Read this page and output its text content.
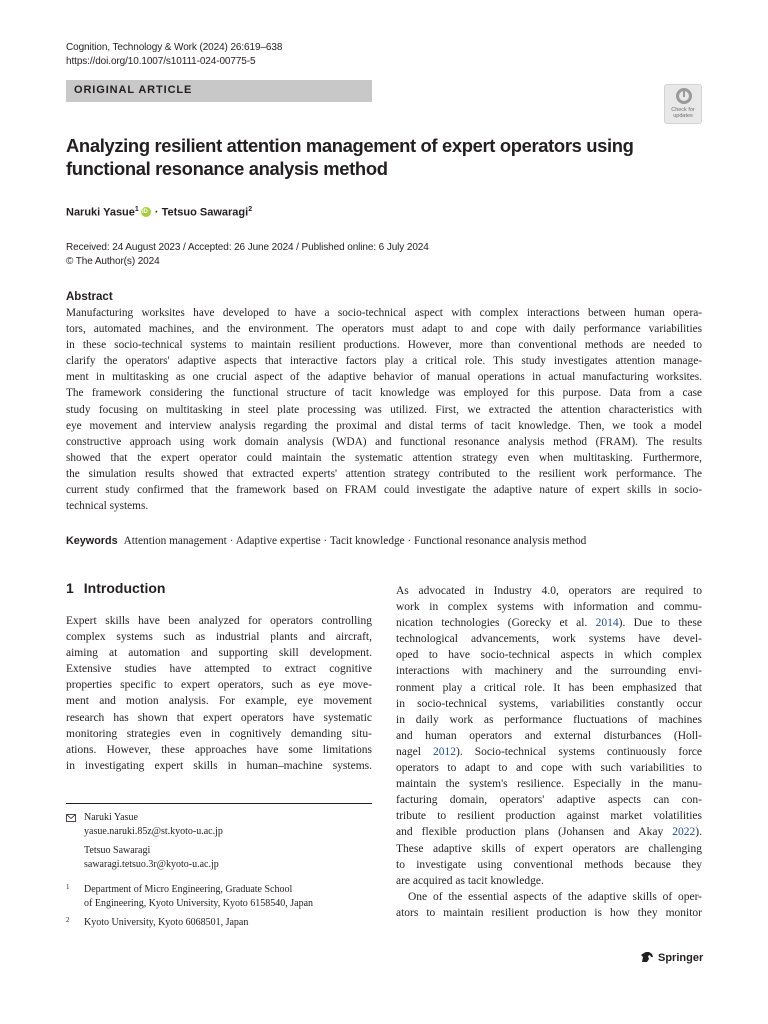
Cognition, Technology & Work (2024) 26:619–638
https://doi.org/10.1007/s10111-024-00775-5
ORIGINAL ARTICLE
Check for updates
Analyzing resilient attention management of expert operators using
functional resonance analysis method
Naruki Yasue$^1$iD · Tetsuo Sawaragi$^2$
Received: 24 August 2023 / Accepted: 26 June 2024 / Published online: 6 July 2024
© The Author(s) 2024
Abstract
Manufacturing worksites have developed to have a socio-technical aspect with complex interactions between human opera-
tors, automated machines, and the environment. The operators must adapt to and cope with daily performance variabilities
in these socio-technical systems to maintain resilient productions. However, more than conventional methods are needed to
clarify the operators' adaptive aspects that interactive factors play a critical role. This study investigates attention manage-
ment in multitasking as one crucial aspect of the adaptive behavior of manual operations in actual manufacturing worksites.
The framework considering the functional structure of tacit knowledge was employed for this purpose. Data from a case
study focusing on multitasking in steel plate processing was utilized. First, we extracted the attention characteristics with
eye movement and interview analysis regarding the proximal and distal terms of tacit knowledge. Then, we took a model
constructive approach using work domain analysis (WDA) and functional resonance analysis method (FRAM). The results
showed that the expert operator could maintain the systematic attention strategy even when multitasking. Furthermore,
the simulation results showed that extracted experts' attention strategy contributed to the resilient work performance. The
current study confirmed that the framework based on FRAM could investigate the adaptive nature of expert skills in socio-
technical systems.
Keywords Attention management · Adaptive expertise · Tacit knowledge · Functional resonance analysis method
1 Introduction
Expert skills have been analyzed for operators controlling
complex systems such as industrial plants and aircraft,
aiming at automation and supporting skill development.
Extensive studies have attempted to extract cognitive
properties specific to expert operators, such as eye move-
ment and motion analysis. For example, eye movement
research has shown that expert operators have systematic
monitoring strategies even in cognitively demanding situ-
ations. However, these approaches have some limitations
in investigating expert skills in human–machine systems.
As advocated in Industry 4.0, operators are required to
work in complex systems with information and commu-
nication technologies (Gorecky et al. 2014). Due to these
technological advancements, work systems have devel-
oped to have socio-technical aspects in which complex
interactions with machinery and the surrounding envi-
ronment play a critical role. It has been emphasized that
in socio-technical systems, variabilities constantly occur
in daily work as performance fluctuations of machines
and human operators and external disturbances (Holl-
nagel 2012). Socio-technical systems continuously force
operators to adapt to and cope with such variabilities to
maintain the system's resilience. Especially in the manu-
facturing domain, operators' adaptive aspects can con-
tribute to resilient production against market volatilities
and flexible production plans (Johansen and Akay 2022).
These adaptive skills of expert operators are challenging
to investigate using conventional methods because they
are acquired as tacit knowledge.
One of the essential aspects of the adaptive skills of oper-
ators to maintain resilient production is how they monitor
Naruki Yasue
yasue.naruki.85z@st.kyoto-u.ac.jp
Tetsuo Sawaragi
sawaragi.tetsuo.3r@kyoto-u.ac.jp
1 Department of Micro Engineering, Graduate School
of Engineering, Kyoto University, Kyoto 6158540, Japan
2 Kyoto University, Kyoto 6068501, Japan
Springer
